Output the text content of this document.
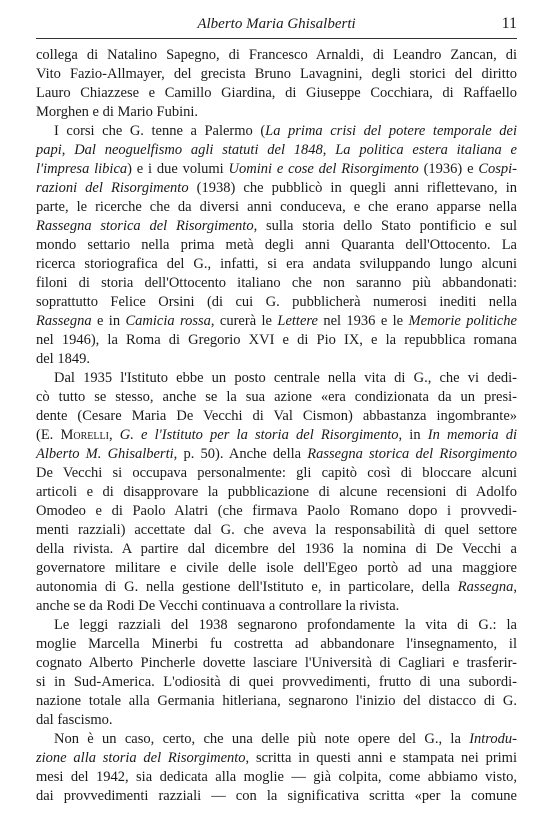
Alberto Maria Ghisalberti	11
collega di Natalino Sapegno, di Francesco Arnaldi, di Leandro Zancan, di
Vito Fazio-Allmayer, del grecista Bruno Lavagnini, degli storici del diritto
Lauro Chiazzese e Camillo Giardina, di Giuseppe Cocchiara, di Raffaello
Morghen e di Mario Fubini.
I corsi che G. tenne a Palermo (La prima crisi del potere temporale dei
papi, Dal neoguelfismo agli statuti del 1848, La politica estera italiana e
l'impresa libica) e i due volumi Uomini e cose del Risorgimento (1936) e Cospi-
razioni del Risorgimento (1938) che pubblicò in quegli anni riflettevano, in
parte, le ricerche che da diversi anni conduceva, e che erano apparse nella
Rassegna storica del Risorgimento, sulla storia dello Stato pontificio e sul
mondo settario nella prima metà degli anni Quaranta dell'Ottocento. La
ricerca storiografica del G., infatti, si era andata sviluppando lungo alcuni
filoni di storia dell'Ottocento italiano che non saranno più abbandonati:
soprattutto Felice Orsini (di cui G. pubblicherà numerosi inediti nella
Rassegna e in Camicia rossa, curerà le Lettere nel 1936 e le Memorie politiche
nel 1946), la Roma di Gregorio XVI e di Pio IX, e la repubblica romana
del 1849.
Dal 1935 l'Istituto ebbe un posto centrale nella vita di G., che vi dedi-
cò tutto se stesso, anche se la sua azione «era condizionata da un presi-
dente (Cesare Maria De Vecchi di Val Cismon) abbastanza ingombrante»
(E. Morelli, G. e l'Istituto per la storia del Risorgimento, in In memoria di
Alberto M. Ghisalberti, p. 50). Anche della Rassegna storica del Risorgimento
De Vecchi si occupava personalmente: gli capitò così di bloccare alcuni
articoli e di disapprovare la pubblicazione di alcune recensioni di Adolfo
Omodeo e di Paolo Alatri (che firmava Paolo Romano dopo i provvedi-
menti razziali) accettate dal G. che aveva la responsabilità di quel settore
della rivista. A partire dal dicembre del 1936 la nomina di De Vecchi a
governatore militare e civile delle isole dell'Egeo portò ad una maggiore
autonomia di G. nella gestione dell'Istituto e, in particolare, della Rassegna,
anche se da Rodi De Vecchi continuava a controllare la rivista.
Le leggi razziali del 1938 segnarono profondamente la vita di G.: la
moglie Marcella Minerbi fu costretta ad abbandonare l'insegnamento, il
cognato Alberto Pincherle dovette lasciare l'Università di Cagliari e trasferir-
si in Sud-America. L'odiosità di quei provvedimenti, frutto di una subordi-
nazione totale alla Germania hitleriana, segnarono l'inizio del distacco di G.
dal fascismo.
Non è un caso, certo, che una delle più note opere del G., la Introdu-
zione alla storia del Risorgimento, scritta in questi anni e stampata nei primi
mesi del 1942, sia dedicata alla moglie — già colpita, come abbiamo visto,
dai provvedimenti razziali — con la significativa scritta «per la comune
